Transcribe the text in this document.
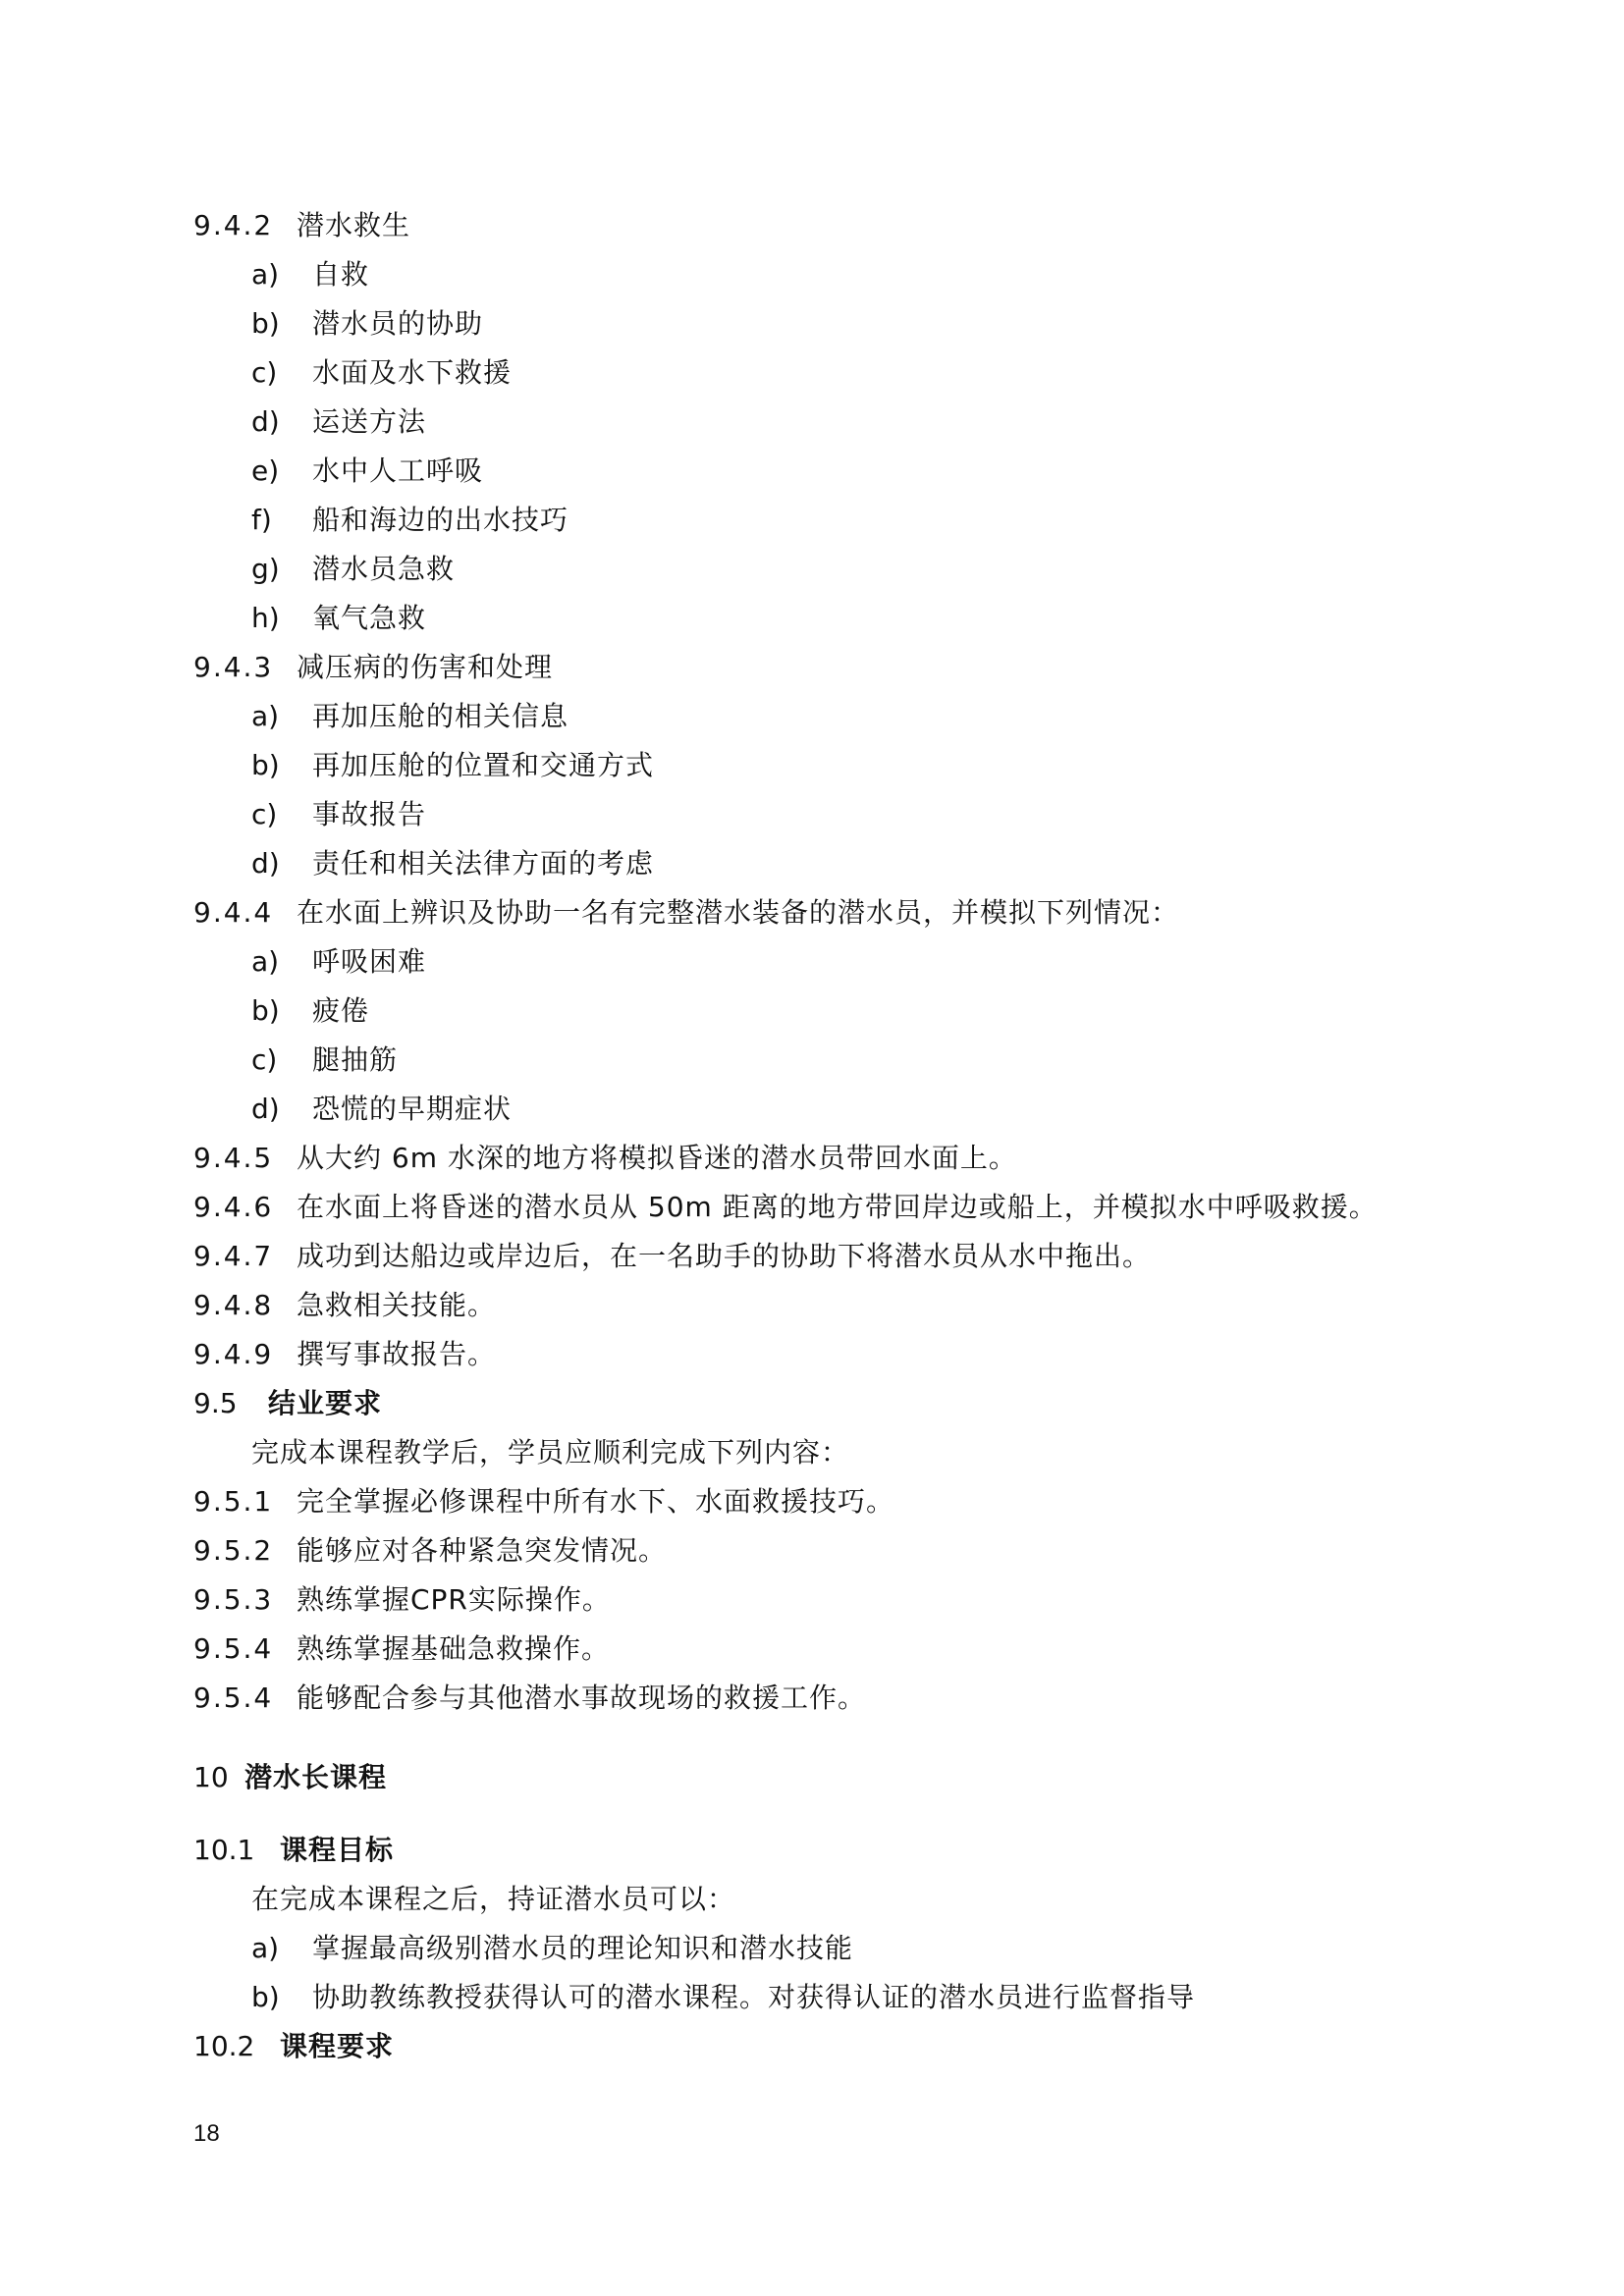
9.4.2 潜水救生
a) 自救
b) 潜水员的协助
c) 水面及水下救援
d) 运送方法
e) 水中人工呼吸
f) 船和海边的出水技巧
g) 潜水员急救
h) 氧气急救
9.4.3 减压病的伤害和处理
a) 再加压舱的相关信息
b) 再加压舱的位置和交通方式
c) 事故报告
d) 责任和相关法律方面的考虑
9.4.4 在水面上辨识及协助一名有完整潜水装备的潜水员，并模拟下列情况：
a) 呼吸困难
b) 疲倦
c) 腿抽筋
d) 恐慌的早期症状
9.4.5 从大约 6m 水深的地方将模拟昏迷的潜水员带回水面上。
9.4.6 在水面上将昏迷的潜水员从 50m 距离的地方带回岸边或船上，并模拟水中呼吸救援。
9.4.7 成功到达船边或岸边后，在一名助手的协助下将潜水员从水中拖出。
9.4.8 急救相关技能。
9.4.9 撰写事故报告。
9.5 结业要求
完成本课程教学后，学员应顺利完成下列内容：
9.5.1 完全掌握必修课程中所有水下、水面救援技巧。
9.5.2 能够应对各种紧急突发情况。
9.5.3 熟练掌握CPR实际操作。
9.5.4 熟练掌握基础急救操作。
9.5.4 能够配合参与其他潜水事故现场的救援工作。
10 潜水长课程
10.1 课程目标
在完成本课程之后，持证潜水员可以：
a) 掌握最高级别潜水员的理论知识和潜水技能
b) 协助教练教授获得认可的潜水课程。对获得认证的潜水员进行监督指导
10.2 课程要求
18
